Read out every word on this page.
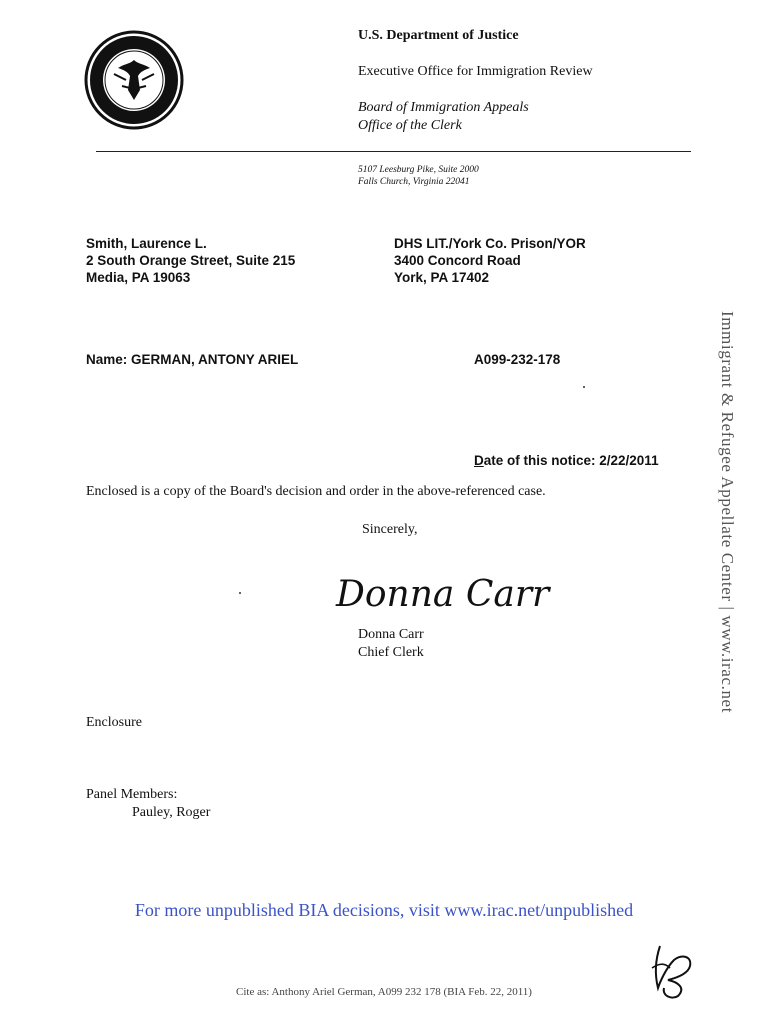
U.S. Department of Justice
Executive Office for Immigration Review
Board of Immigration Appeals
Office of the Clerk
5107 Leesburg Pike, Suite 2000
Falls Church, Virginia 22041
Smith, Laurence L.
2 South Orange Street, Suite 215
Media, PA 19063
DHS LIT./York Co. Prison/YOR
3400 Concord Road
York, PA 17402
Name: GERMAN, ANTONY ARIEL	A099-232-178
Date of this notice: 2/22/2011
Enclosed is a copy of the Board's decision and order in the above-referenced case.
Sincerely,
Donna Carr
Donna Carr
Chief Clerk
Enclosure
Panel Members:
Pauley, Roger
For more unpublished BIA decisions, visit www.irac.net/unpublished
Immigrant & Refugee Appellate Center | www.irac.net
Cite as: Anthony Ariel German, A099 232 178 (BIA Feb. 22, 2011)
